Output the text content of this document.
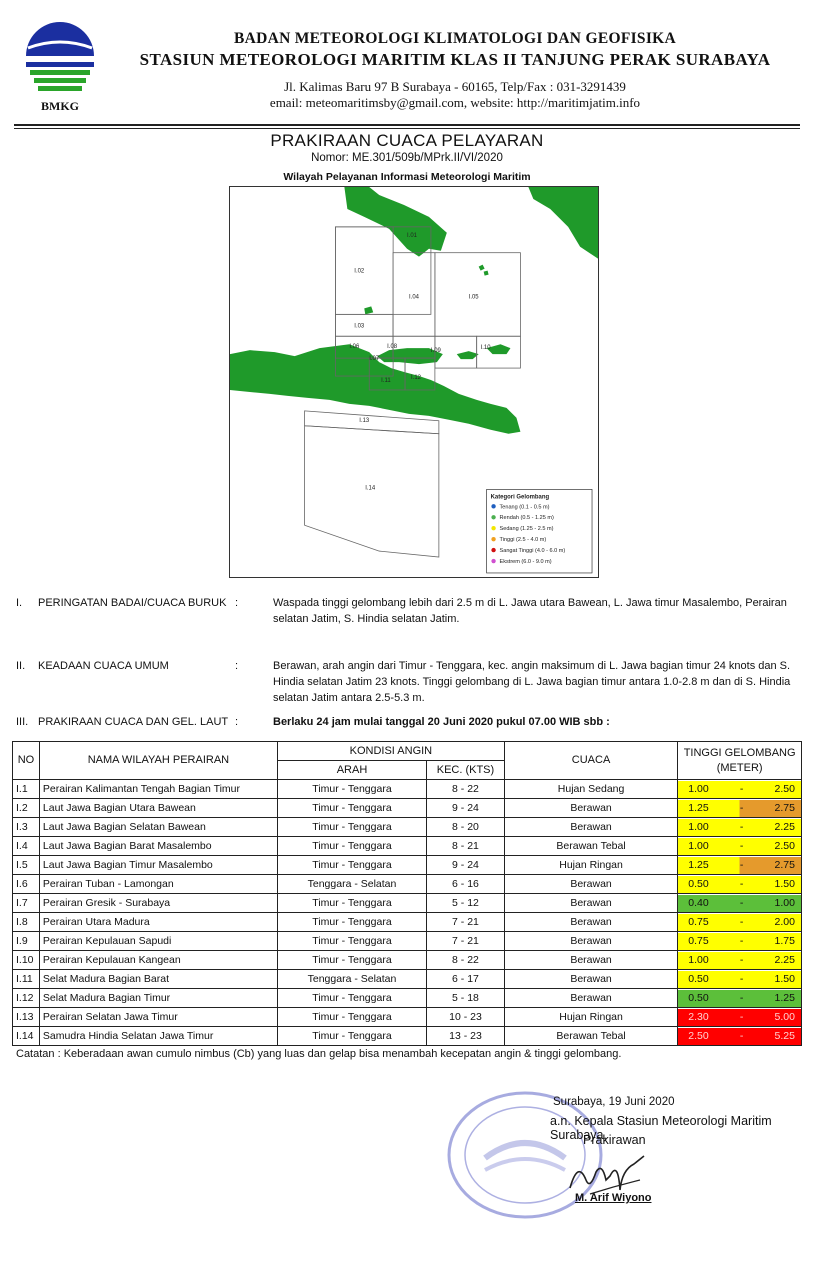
BMKG
BADAN METEOROLOGI KLIMATOLOGI DAN GEOFISIKA
STASIUN METEOROLOGI MARITIM KLAS II TANJUNG PERAK SURABAYA
Jl. Kalimas Baru 97 B Surabaya - 60165, Telp/Fax : 031-3291439
email: meteomaritimsby@gmail.com, website: http://maritimjatim.info
PRAKIRAAN CUACA PELAYARAN
Nomor: ME.301/509b/MPrk.II/VI/2020
Wilayah Pelayanan Informasi Meteorologi Maritim
I.01
I.02
I.03
I.04	I.05
I.06
I.07
I.08
I.09	I.10
I.11	I.12
I.13
I.14
Kategori Gelombang
Tenang (0.1 - 0.5 m)
Rendah (0.5 - 1.25 m)
Sedang (1.25 - 2.5 m)
Tinggi (2.5 - 4.0 m)
Sangat Tinggi (4.0 - 6.0 m)
Ekstrem (6.0 - 9.0 m)
I. PERINGATAN BADAI/CUACA BURUK :	Waspada tinggi gelombang lebih dari 2.5 m di L. Jawa utara Bawean, L. Jawa timur Masalembo, Perairan
selatan Jatim, S. Hindia selatan Jatim.
II. KEADAAN CUACA UMUM	:	Berawan, arah angin dari Timur - Tenggara, kec. angin maksimum di L. Jawa bagian timur 24 knots dan S.
Hindia selatan Jatim 23 knots. Tinggi gelombang di L. Jawa bagian timur antara 1.0-2.8 m dan di S. Hindia
selatan Jatim antara 2.5-5.3 m.
III. PRAKIRAAN CUACA DAN GEL. LAUT :	Berlaku 24 jam mulai tanggal 20 Juni 2020 pukul 07.00 WIB sbb :
NO	NAMA WILAYAH PERAIRAN	KONDISI ANGIN		CUACA	TINGGI GELOMBANG
(METER)

		ARAH	KEC. (KTS)		
I.1	Perairan Kalimantan Tengah Bagian Timur	Timur - Tenggara	8 - 22	Hujan Sedang	1.00 - 2.50

I.2	Laut Jawa Bagian Utara Bawean	Timur - Tenggara	9 - 24	Berawan	1.25 - 2.75

I.3	Laut Jawa Bagian Selatan Bawean	Timur - Tenggara	8 - 20	Berawan	1.00 - 2.25

I.4	Laut Jawa Bagian Barat Masalembo	Timur - Tenggara	8 - 21	Berawan Tebal	1.00 - 2.50

I.5	Laut Jawa Bagian Timur Masalembo	Timur - Tenggara	9 - 24	Hujan Ringan	1.25 - 2.75

I.6	Perairan Tuban - Lamongan	Tenggara - Selatan	6 - 16	Berawan	0.50 - 1.50

I.7	Perairan Gresik - Surabaya	Timur - Tenggara	5 - 12	Berawan	0.40 - 1.00

I.8	Perairan Utara Madura	Timur - Tenggara	7 - 21	Berawan	0.75 - 2.00

I.9	Perairan Kepulauan Sapudi	Timur - Tenggara	7 - 21	Berawan	0.75 - 1.75

I.10	Perairan Kepulauan Kangean	Timur - Tenggara	8 - 22	Berawan	1.00 - 2.25

I.11	Selat Madura Bagian Barat	Tenggara - Selatan	6 - 17	Berawan	0.50 - 1.50

I.12	Selat Madura Bagian Timur	Timur - Tenggara	5 - 18	Berawan	0.50 - 1.25

I.13	Perairan Selatan Jawa Timur	Timur - Tenggara	10 - 23	Hujan Ringan	2.30 - 5.00

I.14	Samudra Hindia Selatan Jawa Timur	Timur - Tenggara	13 - 23	Berawan Tebal	2.50 - 5.25
Catatan : Keberadaan awan cumulo nimbus (Cb) yang luas dan gelap bisa menambah kecepatan angin & tinggi gelombang.
Surabaya, 19 Juni 2020
a.n. Kepala Stasiun Meteorologi Maritim Surabaya,
Prakirawan
M. Arif Wiyono
